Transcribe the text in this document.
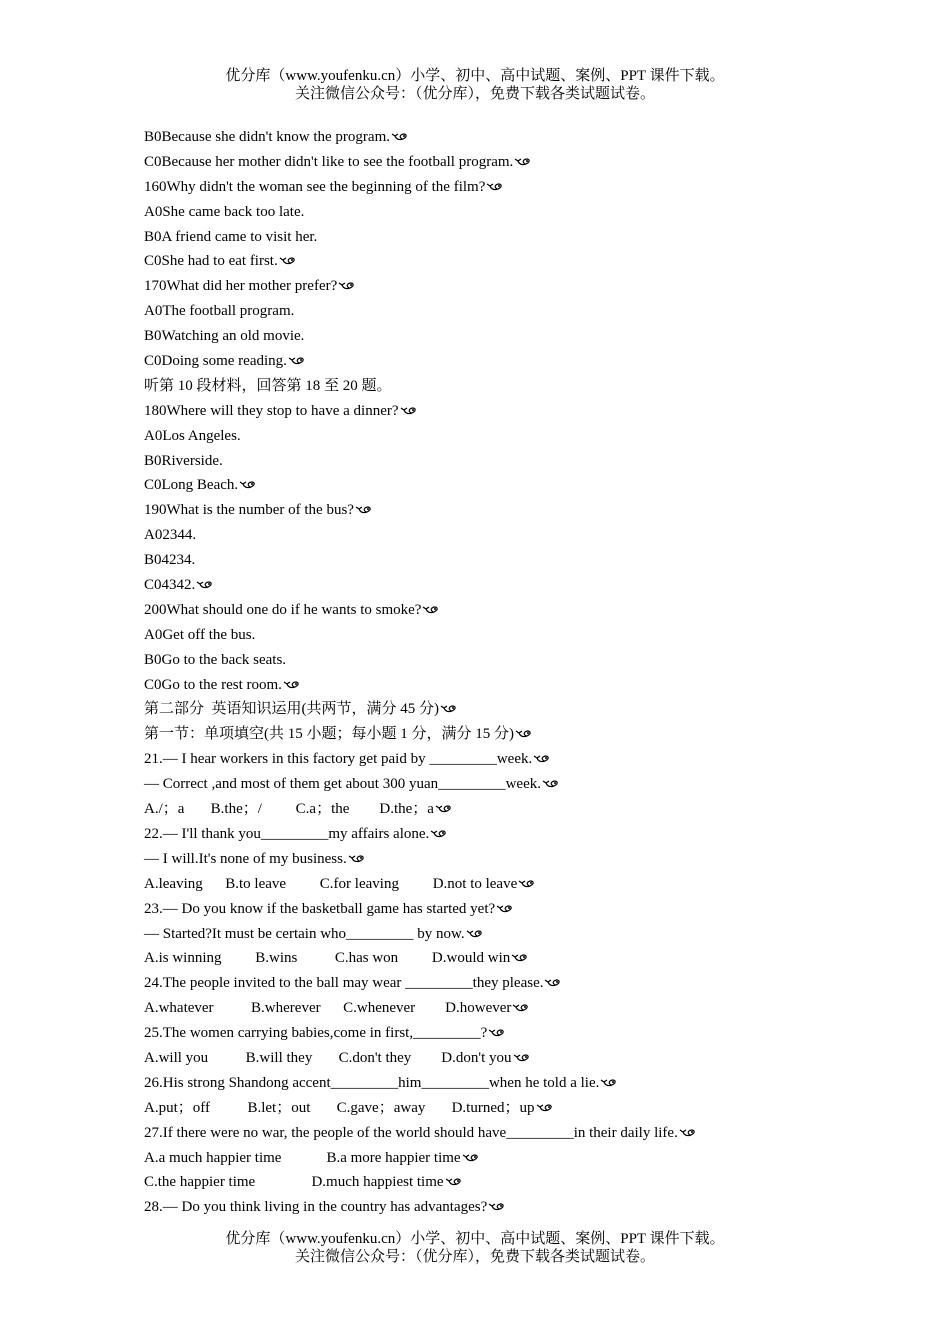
优分库（www.youfenku.cn）小学、初中、高中试题、案例、PPT 课件下载。
关注微信公众号：（优分库），免费下载各类试题试卷。
B0Because she didn't know the program.
C0Because her mother didn't like to see the football program.
160Why didn't the woman see the beginning of the film?
A0She came back too late.
B0A friend came to visit her.
C0She had to eat first.
170What did her mother prefer?
A0The football program.
B0Watching an old movie.
C0Doing some reading.
听第 10 段材料，回答第 18 至 20 题。
180Where will they stop to have a dinner?
A0Los Angeles.
B0Riverside.
C0Long Beach.
190What is the number of the bus?
A02344.
B04234.
C04342.
200What should one do if he wants to smoke?
A0Get off the bus.
B0Go to the back seats.
C0Go to the rest room.
第二部分  英语知识运用(共两节，满分 45 分)
第一节：单项填空(共 15 小题；每小题 1 分，满分 15 分)
21.— I hear workers in this factory get paid by _________week.
— Correct ,and most of them get about 300 yuan_________week.
A./；a       B.the；/         C.a；the        D.the；a
22.— I'll thank you_________my affairs alone.
— I will.It's none of my business.
A.leaving      B.to leave         C.for leaving         D.not to leave
23.— Do you know if the basketball game has started yet?
— Started?It must be certain who_________ by now.
A.is winning         B.wins          C.has won         D.would win
24.The people invited to the ball may wear _________they please.
A.whatever          B.wherever      C.whenever        D.however
25.The women carrying babies,come in first,_________?
A.will you          B.will they       C.don't they        D.don't you
26.His strong Shandong accent_________him_________when he told a lie.
A.put；off          B.let；out       C.gave；away       D.turned；up
27.If there were no war, the people of the world should have_________in their daily life.
A.a much happier time            B.a more happier time
C.the happier time               D.much happiest time
28.— Do you think living in the country has advantages?
优分库（www.youfenku.cn）小学、初中、高中试题、案例、PPT 课件下载。
关注微信公众号：（优分库），免费下载各类试题试卷。
